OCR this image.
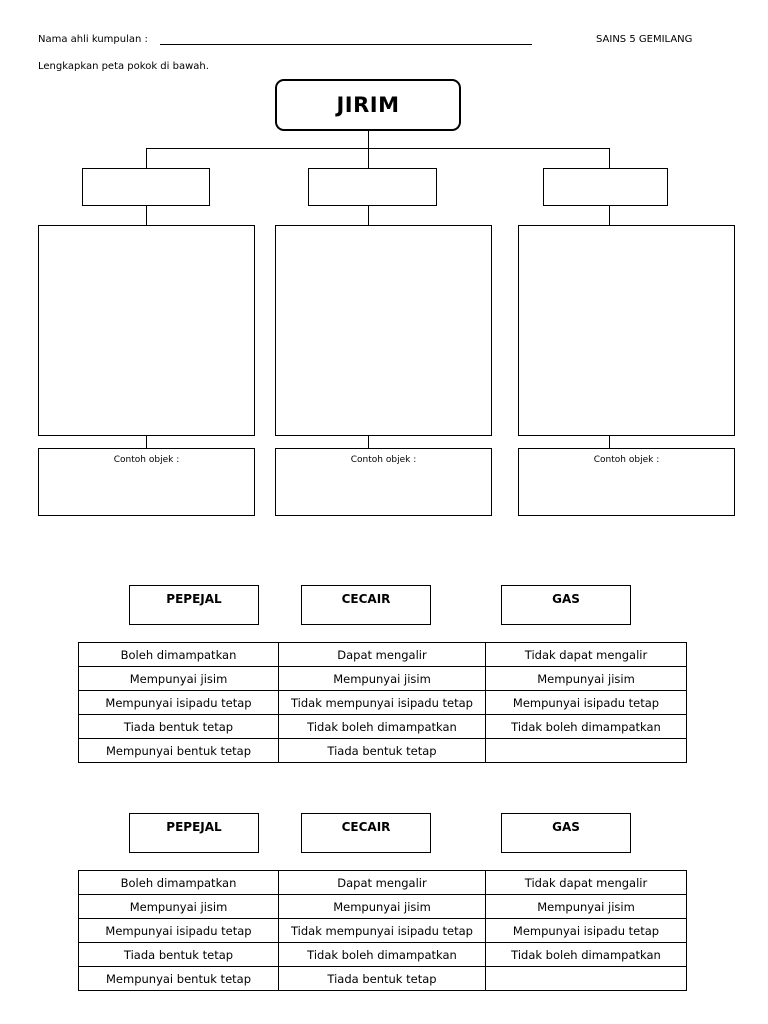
Nama ahli kumpulan :	SAINS 5 GEMILANG
Lengkapkan peta pokok di bawah.
JIRIM
Contoh objek :	Contoh objek :	Contoh objek :
PEPEJAL	CECAIR	GAS
Boleh dimampatkan	Dapat mengalir	Tidak dapat mengalir
Mempunyai jisim	Mempunyai jisim	Mempunyai jisim
Mempunyai isipadu tetap	Tidak mempunyai isipadu tetap	Mempunyai isipadu tetap
Tiada bentuk tetap	Tidak boleh dimampatkan	Tidak boleh dimampatkan
Mempunyai bentuk tetap	Tiada bentuk tetap	
PEPEJAL	CECAIR	GAS
Boleh dimampatkan	Dapat mengalir	Tidak dapat mengalir
Mempunyai jisim	Mempunyai jisim	Mempunyai jisim
Mempunyai isipadu tetap	Tidak mempunyai isipadu tetap	Mempunyai isipadu tetap
Tiada bentuk tetap	Tidak boleh dimampatkan	Tidak boleh dimampatkan
Mempunyai bentuk tetap	Tiada bentuk tetap	
